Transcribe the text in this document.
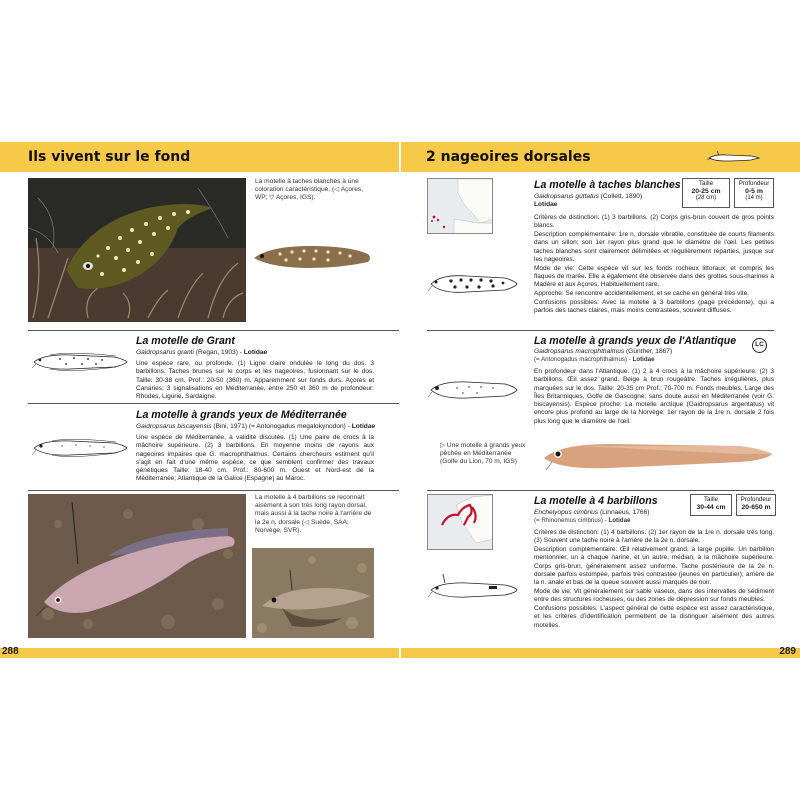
Ils vivent sur le fond	2 nageoires dorsales
La motelle à taches blanches à une coloration caractéristique. (◁ Açores, WP; ▽ Açores, IGS).
La motelle de Grant
Gaidropsarus granti (Regan, 1903) - Lotidae
Une espèce rare, ou profonde. (1) Ligne claire ondulée le long du dos. 3 barbillons. Taches brunes sur le corps et les nageoires, fusionnant sur le dos. Taille: 30-38 cm. Prof.: 20-50 (360) m. Apparemment sur fonds durs. Açores et Canaries; 3 signalisations en Méditerranée, entre 250 et 360 m de profondeur: Rhodes, Ligurie, Sardaigne.
La motelle à grands yeux de Méditerranée
Gaidropsarus biscayensis (Bini, 1971) (= Antonogadus megalokynodon) - Lotidae
Une espèce de Méditerranée, à validité discutée. (1) Une paire de crocs à la mâchoire supérieure. (2) 3 barbillons. En moyenne moins de rayons aux nageoires impaires que G. macrophthalmus. Certains chercheurs estiment qu'il s'agit en fait d'une même espèce, ce que semblent confirmer des travaux génétiques Taille: 18-40 cm. Prof.: 80-600 m. Ouest et Nord-est de la Méditerranée; Atlantique de la Galice (Espagne) au Maroc.
La motelle à 4 barbillons se reconnaît aisément à son très long rayon dorsal, mais aussi à la tache noire à l'arrière de la 2e n. dorsale (◁ Suède, SAA; Norvège, SVR).
La motelle à taches blanches
Gaidropsarus guttatus (Collett, 1890)
Lotidae
Taille
20-25 cm
(28 cm)
Profondeur
0-5 m
(14 m)

Critères de distinction: (1) 3 barbillons. (2) Corps gris-brun couvert de gros points blancs.

Description complémentaire: 1re n. dorsale vibratile, constituée de courts filaments dans un sillon; son 1er rayon plus grand que le diamètre de l'œil. Les petites taches blanches sont clairement délimitées et régulièrement réparties, jusque sur les nageoires.

Mode de vie: Cette espèce vit sur les fonds rocheux littoraux, et compris les flaques de marée. Elle a également été observée dans des grottes sous-marines à Madère et aux Açores. Habituellement rare.

Approche: Se rencontre accidentellement, et se cache en général très vite.

Confusions possibles: Avec la motelle à 3 barbillons (page précédente), qui a parfois des taches claires, mais moins contrastées, souvent diffuses.

LC
La motelle à grands yeux de l'Atlantique
Gaidropsarus macrophthalmus (Günther, 1867)
(= Antonogadus macrophthalmus) - Lotidae
En profondeur dans l'Atlantique. (1) 2 à 4 crocs à la mâchoire supérieure. (2) 3 barbillons. Œil assez grand. Beige à brun rougeâtre. Taches irrégulières, plus marquées sur le dos. Taille: 20-35 cm Prof.: 70-700 m. Fonds meubles. Large des Îles Britanniques, Golfe de Gascogne; sans doute aussi en Méditerranée (voir G. biscayensis). Espèce proche: La motelle arctique (Gaidropsarus argentatus) vit encore plus profond au large de la Norvège; 1er rayon de la 1re n. dorsale 2 fois plus long que le diamètre de l'œil.
▷ Une motelle à grands yeux pêchée en Méditerranée (Golfe du Lion, 70 m, IGS)
La motelle à 4 barbillons
Enchelyopus cimbrius (Linnaeus, 1766)
(= Rhinonemus cimbrius) - Lotidae
Taille
30-44 cm
Profondeur
20-650 m

Critères de distinction: (1) 4 barbillons. (2) 1er rayon de la 1re n. dorsale très long. (3) Souvent une tache noire à l'arrière de la 2e n. dorsale.

Description complémentaire: Œil relativement grand, à large pupille. Un barbillon mentonnier, un à chaque narine, et un autre, médian, à la mâchoire supérieure. Corps gris-brun, généralement assez uniforme. Tache postérieure de la 2e n. dorsale parfois estompée, parfois très contrastée (jeunes en particulier); arrière de la n. anale et bas de la queue souvent aussi marqués de noir.

Mode de vie: Vit généralement sur sable vaseux, dans des intervalles de sédiment entre des structures rocheuses, ou des zones de dépression sur fonds meubles.

Confusions possibles: L'aspect général de cette espèce est assez caractéristique, et les critères d'identification permettent de la distinguer aisément des autres motelles.

288	289
